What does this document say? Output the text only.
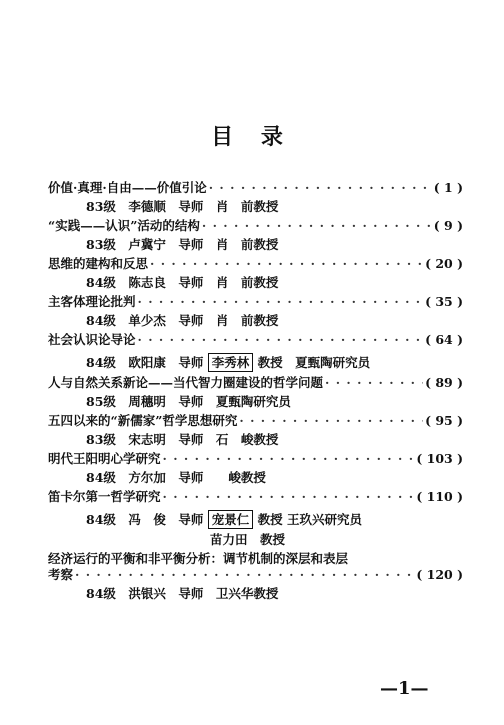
目 录
价值·真理·自由——价值引论 · · ·	( 1 )
83级　李德顺　导师　肖　前教授
“实践——认识”活动的结构 · · ·	( 9 )
83级　卢冀宁　导师　肖　前教授
思维的建构和反思 · · ·	( 20 )
84级　陈志良　导师　肖　前教授
主客体理论批判 · · ·	( 35 )
84级　单少杰　导师　肖　前教授
社会认识论导论 · · ·	( 64 )
84级　欧阳康　导师 李秀林 教授　夏甄陶研究员
人与自然关系新论——当代智力圈建设的哲学问题 · · ·	( 89 )
85级　周穗明　导师　夏甄陶研究员
五四以来的“新儒家”哲学思想研究 · · ·	( 95 )
83级　宋志明　导师　石　峻教授
明代王阳明心学研究 · · ·	( 103 )
84级　方尔加　导师　　峻教授
笛卡尔第一哲学研究 · · ·	( 110 )
84级　冯　俊　导师 宠景仁 教授 王玖兴研究员
苗力田　教授
经济运行的平衡和非平衡分析：调节机制的深层和表层
考察 · · ·	( 120 )
84级　洪银兴　导师　卫兴华教授
—1—
